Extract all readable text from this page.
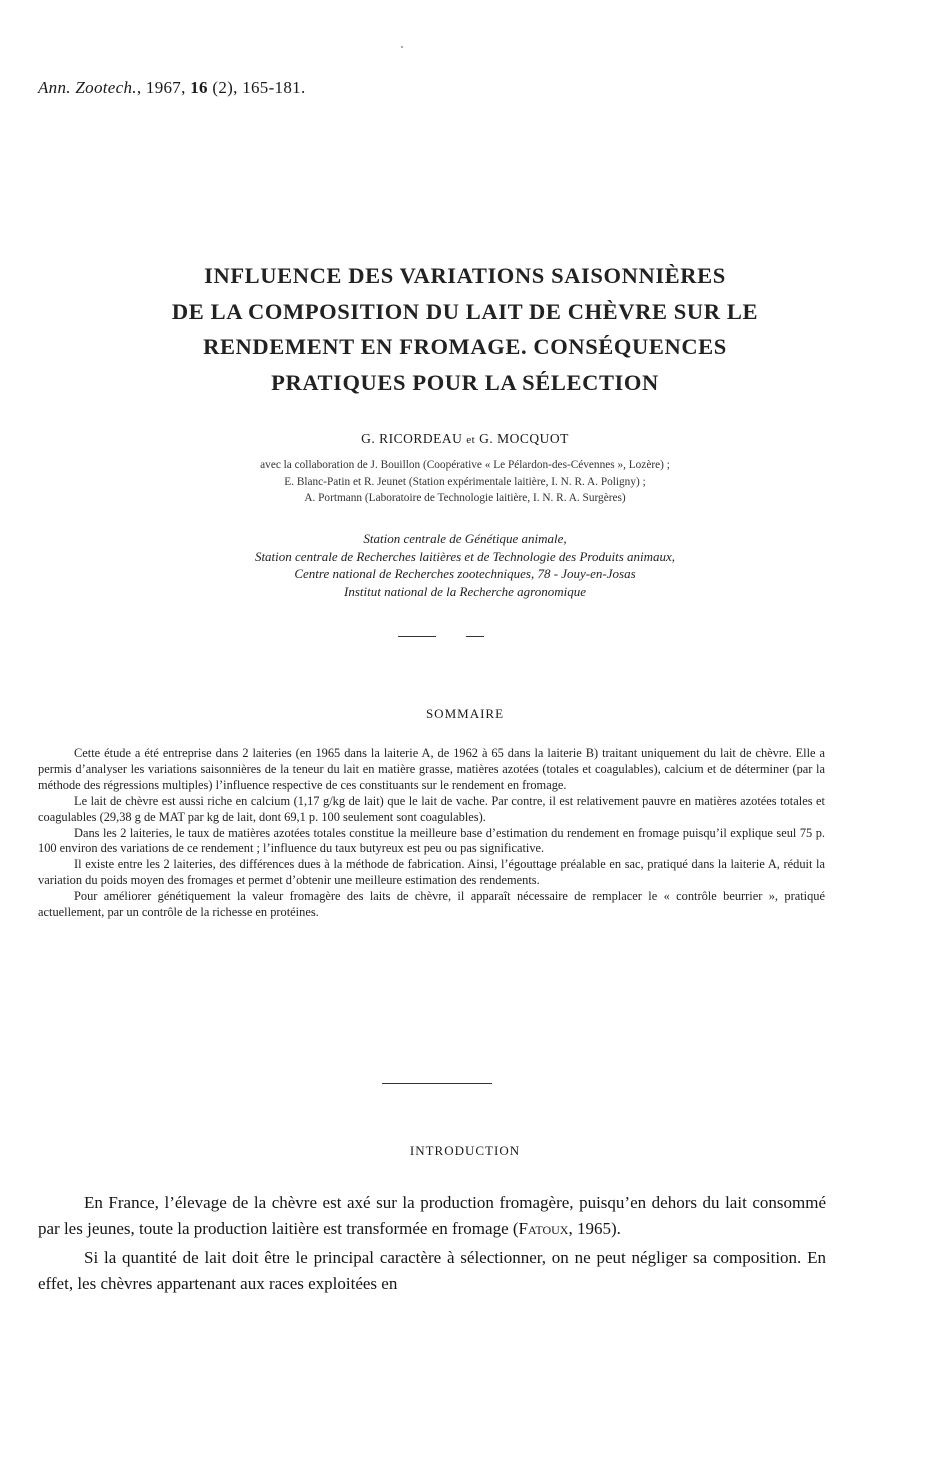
Ann. Zootech., 1967, 16 (2), 165-181.
INFLUENCE DES VARIATIONS SAISONNIÈRES
DE LA COMPOSITION DU LAIT DE CHÈVRE SUR LE
RENDEMENT EN FROMAGE. CONSÉQUENCES
PRATIQUES POUR LA SÉLECTION
G. RICORDEAU et G. MOCQUOT
avec la collaboration de J. Bouillon (Coopérative « Le Pélardon-des-Cévennes », Lozère) ;
E. Blanc-Patin et R. Jeunet (Station expérimentale laitière, I. N. R. A. Poligny) ;
A. Portmann (Laboratoire de Technologie laitière, I. N. R. A. Surgères)
Station centrale de Génétique animale,
Station centrale de Recherches laitières et de Technologie des Produits animaux,
Centre national de Recherches zootechniques, 78 - Jouy-en-Josas
Institut national de la Recherche agronomique
SOMMAIRE

Cette étude a été entreprise dans 2 laiteries (en 1965 dans la laiterie A, de 1962 à 65 dans la laiterie B) traitant uniquement du lait de chèvre. Elle a permis d’analyser les variations saisonnières de la teneur du lait en matière grasse, matières azotées (totales et coagulables), calcium et de déterminer (par la méthode des régressions multiples) l’influence respective de ces constituants sur le rendement en fromage.

Le lait de chèvre est aussi riche en calcium (1,17 g/kg de lait) que le lait de vache. Par contre, il est relativement pauvre en matières azotées totales et coagulables (29,38 g de MAT par kg de lait, dont 69,1 p. 100 seulement sont coagulables).

Dans les 2 laiteries, le taux de matières azotées totales constitue la meilleure base d’estimation du rendement en fromage puisqu’il explique seul 75 p. 100 environ des variations de ce rendement ; l’influence du taux butyreux est peu ou pas significative.

Il existe entre les 2 laiteries, des différences dues à la méthode de fabrication. Ainsi, l’égouttage préalable en sac, pratiqué dans la laiterie A, réduit la variation du poids moyen des fromages et permet d’obtenir une meilleure estimation des rendements.

Pour améliorer génétiquement la valeur fromagère des laits de chèvre, il apparaît nécessaire de remplacer le « contrôle beurrier », pratiqué actuellement, par un contrôle de la richesse en protéines.

INTRODUCTION

En France, l’élevage de la chèvre est axé sur la production fromagère, puisqu’en dehors du lait consommé par les jeunes, toute la production laitière est transformée en fromage (Fatoux, 1965).

Si la quantité de lait doit être le principal caractère à sélectionner, on ne peut négliger sa composition. En effet, les chèvres appartenant aux races exploitées en
